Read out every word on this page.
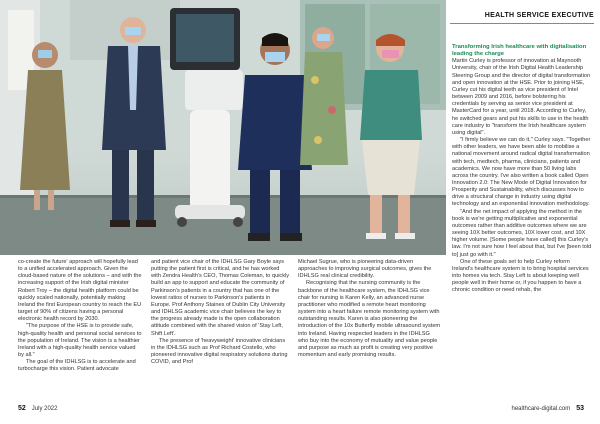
HEALTH SERVICE EXECUTIVE

co-create the future' approach will hopefully lead to a unified accelerated approach. Given the cloud-based nature of the solutions – and with the increasing support of the Irish digital minister Robert Troy – the digital health platform could be quickly scaled nationally, potentially making Ireland the first European country to reach the EU target of 90% of citizens having a personal electronic health record by 2030.

"The purpose of the HSE is to provide safe, high-quality health and personal social services to the population of Ireland. The vision is a healthier Ireland with a high-quality health service valued by all."

The goal of the IDHLSG is to accelerate and turbocharge this vision. Patient advocate

and patient vice chair of the IDHLSG Gary Boyle says putting the patient first is critical, and he has worked with Zendra Health's CEO, Thomas Coleman, to quickly build an app to support and educate the community of Parkinson's patients in a country that has one of the lowest ratios of nurses to Parkinson's patients in Europe. Prof Anthony Staines of Dublin City University and IDHLSG academic vice chair believes the key to the progress already made is the open collaboration attitude combined with the shared vision of 'Stay Left, Shift Left'.

The presence of 'heavyweight' innovative clinicians in the IDHLSG such as Prof Richard Costello, who pioneered innovative digital respiratory solutions during COVID, and Prof

Michael Sugrue, who is pioneering data-driven approaches to improving surgical outcomes, gives the IDHLSG real clinical credibility.

Recognising that the nursing community is the backbone of the healthcare system, the IDHLSG vice chair for nursing is Karen Kelly, an advanced nurse practitioner who modified a remote heart monitoring system into a heart failure remote monitoring system with outstanding results. Karen is also pioneering the introduction of the 10x Butterfly mobile ultrasound system into Ireland. Having respected leaders in the IDHLSG who buy into the economy of mutuality and value people and purpose as much as profit is creating very positive momentum and early promising results.

Transforming Irish healthcare with digitalisation leading the charge

Martin Curley is professor of innovation at Maynooth University, chair of the Irish Digital Health Leadership Steering Group and the director of digital transformation and open innovation at the HSE. Prior to joining HSE, Curley cut his digital teeth as vice president of Intel between 2009 and 2016, before bolstering his credentials by serving as senior vice president at MasterCard for a year, until 2018. According to Curley, he switched gears and put his skills to use in the health care industry to "transform the Irish healthcare system using digital".

"I firmly believe we can do it," Curley says. "Together with other leaders, we have been able to mobilise a national movement around radical digital transformation with tech, medtech, pharma, clinicians, patients and academics. We now have more than 50 living labs across the country. I've also written a book called Open Innovation 2.0: The New Mode of Digital Innovation for Prosperity and Sustainability, which discusses how to drive a structural change in industry using digital technology and an exponential innovation methodology.

"And the net impact of applying the method in the book is we're getting multiplicative and exponential outcomes rather than additive outcomes where we are seeing 10X better outcomes, 10X lower cost, and 10X higher volume. [Some people have called] this Curley's law. I'm not sure how I feel about that, but I've [been told to] just go with it."

One of these goals set to help Curley reform Ireland's healthcare system is to bring hospital services into homes via tech. Stay Left is about keeping well people well in their home or, if you happen to have a chronic condition or need rehab, the

52 July 2022	healthcare-digital.com 53
